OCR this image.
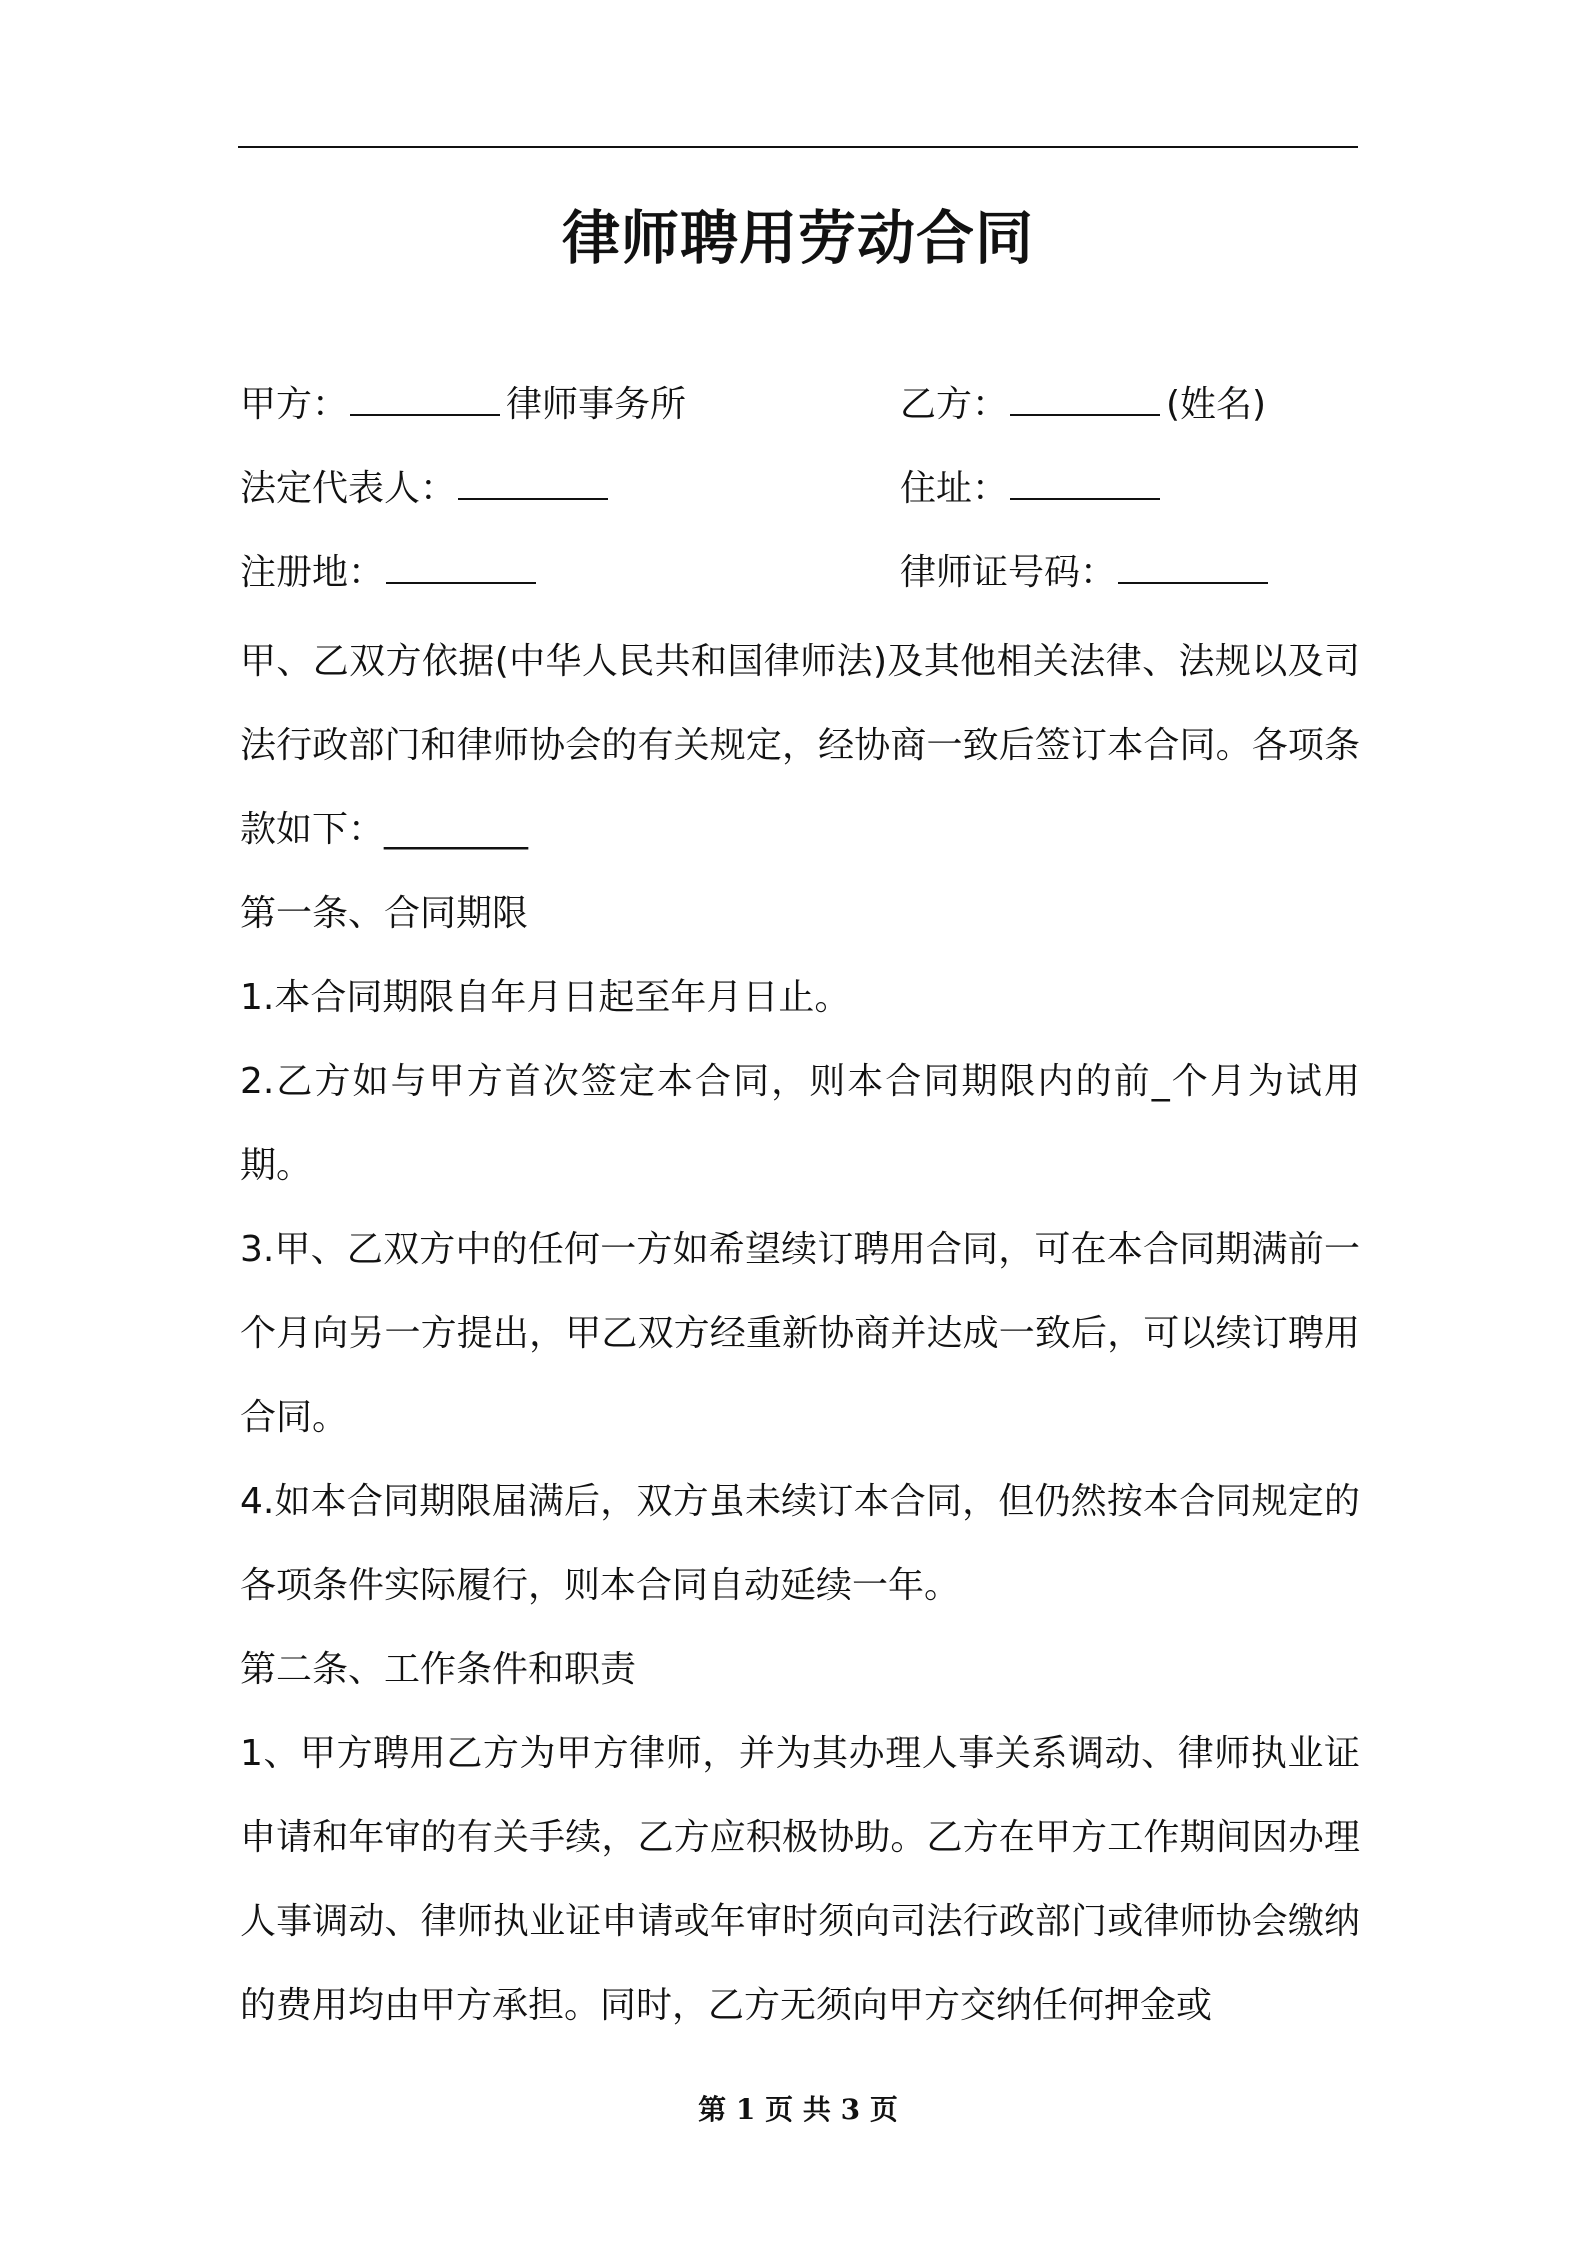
律师聘用劳动合同
甲方：	律师事务所	乙方：	(姓名)
法定代表人：	住址：
注册地：	律师证号码：

甲、乙双方依据(中华人民共和国律师法)及其他相关法律、法规以及司法行政部门和律师协会的有关规定，经协商一致后签订本合同。各项条款如下：________

第一条、合同期限

1.本合同期限自年月日起至年月日止。

2.乙方如与甲方首次签定本合同，则本合同期限内的前_个月为试用期。

3.甲、乙双方中的任何一方如希望续订聘用合同，可在本合同期满前一个月向另一方提出，甲乙双方经重新协商并达成一致后，可以续订聘用合同。

4.如本合同期限届满后，双方虽未续订本合同，但仍然按本合同规定的各项条件实际履行，则本合同自动延续一年。

第二条、工作条件和职责

1、甲方聘用乙方为甲方律师，并为其办理人事关系调动、律师执业证申请和年审的有关手续，乙方应积极协助。乙方在甲方工作期间因办理人事调动、律师执业证申请或年审时须向司法行政部门或律师协会缴纳的费用均由甲方承担。同时，乙方无须向甲方交纳任何押金或

第 1 页 共 3 页
